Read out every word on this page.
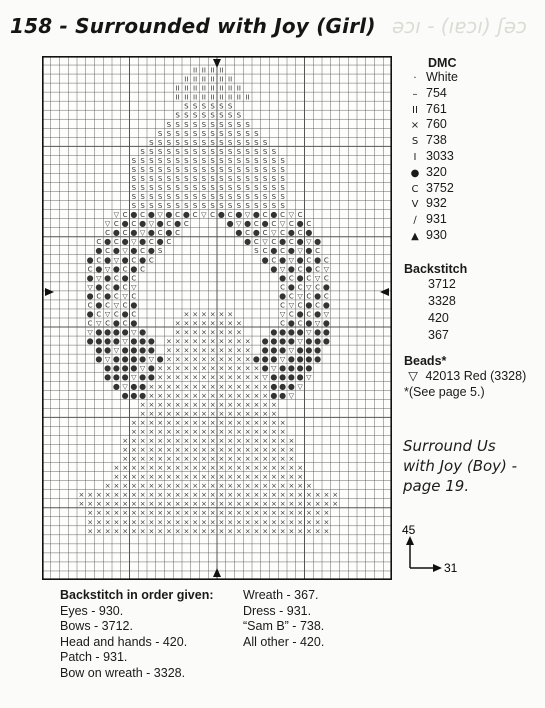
158 - Surrounded with Joy (Girl) əɔı - (ıɐɔı) ʃəɔ
II II II II
II II II II II II
II II II II II II II II
II II II II II II II II II
S S S S S S
S S S S S S S S
S S S S S S S S S S
S S S S S S S S S S S S
S S S S S S S S S S S S S S
S S S S S S S S S S S S S S S S
S S S S S S S S S S S S S S S S S S
S S S S S S S S S S S S S S S S S S
S S S S S S S S S S S S S S S S S S
S S S S S S S S S S S S S S S S S S
S S S S S S S S S S S S S S S S S S
S S S S S S S S S S S S S S S S S S
▽ C ● C ● ▽ ● C ● C ▽ C ● C ● ▽ ● C ● C ▽ C
▽ C ● C ● ▽ ● C ● C	● ▽ ● C ● C ▽ C ● C
C ● C ● ▽ ● C ● C	● C ● C ▽ C ● C ●
C ● C ● ▽ ● C ● C	● C ▽ C ● C ● ▽ ●
● C ● ▽ ● C ● S	S C ● C ● ▽ ● C
● C ● ▽ ● C ● C	● C ● ▽ ● C ● C
C ● ▽ ● C ● C	● ▽ ● C ● C ▽
● ▽ ● C ● C	● C ● C ▽ C
▽ ● C ● C ▽	C ● C ▽ C ●
● C ● C ▽ C	● C ▽ C ● C
C ● C ▽ C ●	C ▽ C ● C ●
● C ▽ C ● C	× × × × × ×	▽ C ● C ● ▽
C ▽ C ● C ●	× × × × × × × ×	C ● C ● ▽ ●
▽ ● ● ● ● ▽ ●	× × × × × × × ×	● ● ● ● ▽ ● ●
● ● ● ● ▽ ● ● ● × × × × × × × × × × ● ● ● ● ▽ ● ● ●
● ● ▽ ● ● ● ● × × × × × × × × × × ● ● ● ▽ ● ● ●
● ▽ ● ● ● ● ▽ ● × × × × × × × × × × ● ● ● ▽ ● ● ● ●
● ● ● ● ▽ ● × × × × × × × × × × × × ● ▽ ● ● ● ●
● ● ● ▽ ● ● × × × × × × × × × × × × ▽ ● ● ● ● ▽
● ▽ ● ● × × × × × × × × × × × × × × ● ● ● ▽
● ● ● × × × × × × × × × × × × × × ● ● ▽
× × × × × × × × × × × × × × × ×
× × × × × × × × × × × × × × × ×
× × × × × × × × × × × × × × × × × ×
× × × × × × × × × × × × × × × × × ×
× × × × × × × × × × × × × × × × × × × ×
× × × × × × × × × × × × × × × × × × × ×
× × × × × × × × × × × × × × × × × × × ×
× × × × × × × × × × × × × × × × × × × × × ×
× × × × × × × × × × × × × × × × × × × × × ×
× × × × × × × × × × × × × × × × × × × × × × × ×
× × × × × × × × × × × × × × × × × × × × × × × × × × × × × ×
× × × × × × × × × × × × × × × × × × × × × × × × × × × × × ×
× × × × × × × × × × × × × × × × × × × × × × × × × × × ×
× × × × × × × × × × × × × × × × × × × × × × × × × × × ×
× × × × × × × × × × × × × × × × × × × × × × × × × × × ×
DMC
· White
– 754
II 761
× 760
S 738
I 3033
● 320
C 3752
V 932
∕ 931
▲ 930
Backstitch
3712
3328
420
367
Beads*
▽ 42013 Red (3328)
*(See page 5.)
Surround Us
with Joy (Boy) -
page 19.
45
31
Backstitch in order given:
Eyes - 930.
Bows - 3712.
Head and hands - 420.
Patch - 931.
Bow on wreath - 3328.
Wreath - 367.
Dress - 931.
“Sam B” - 738.
All other - 420.
